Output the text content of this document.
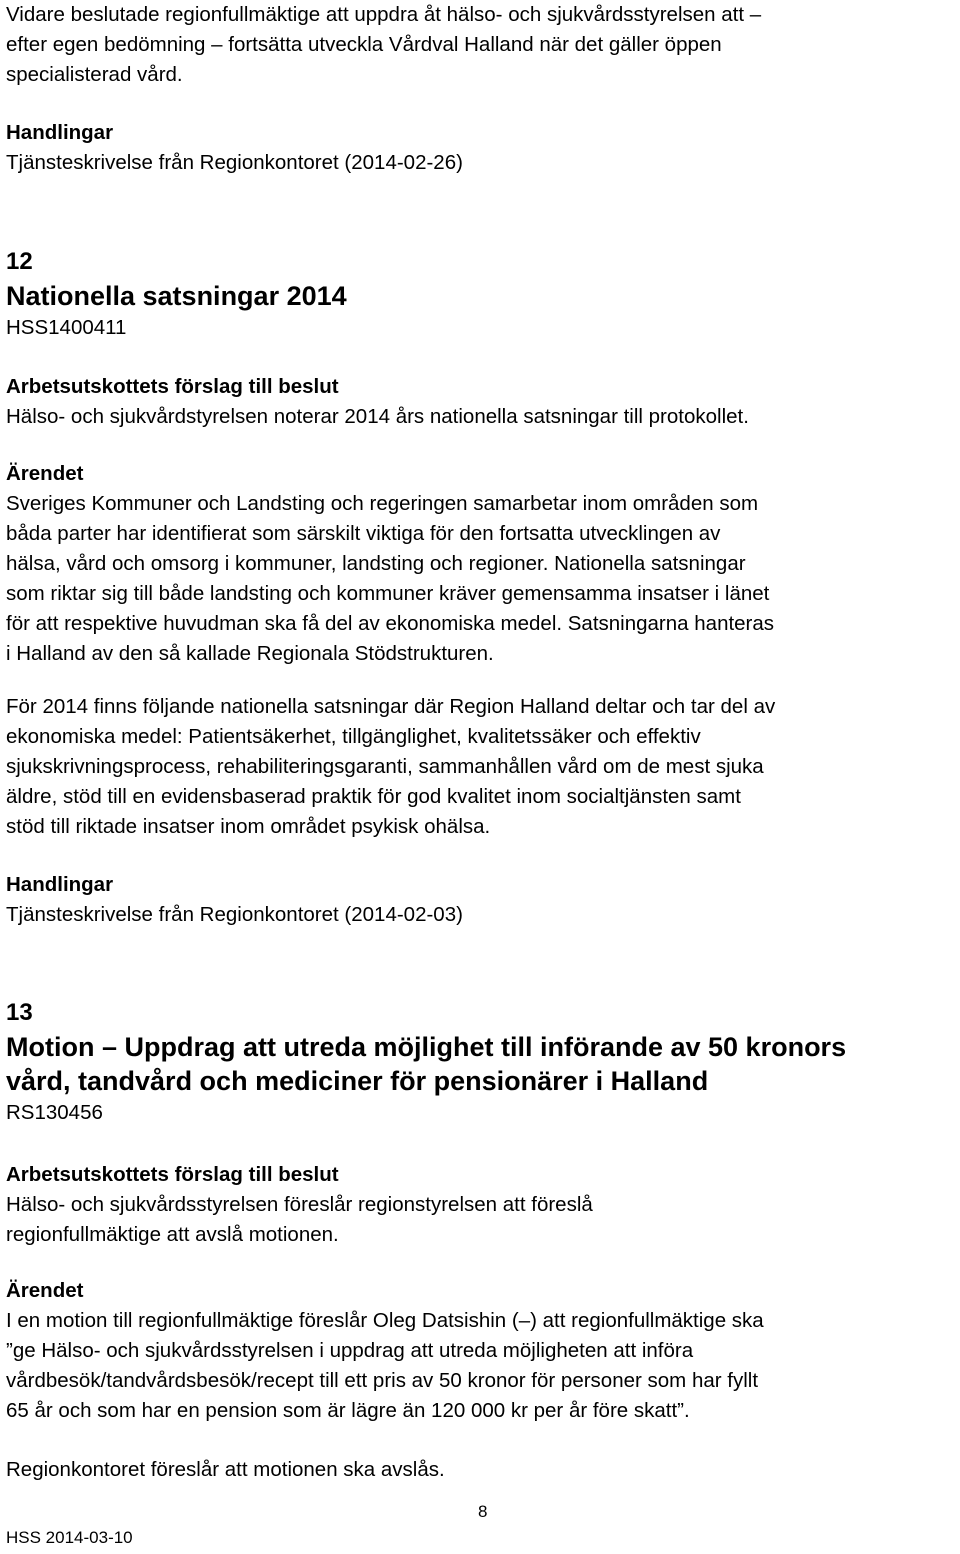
Vidare beslutade regionfullmäktige att uppdra åt hälso- och sjukvårdsstyrelsen att –

efter egen bedömning – fortsätta utveckla Vårdval Halland när det gäller öppen

specialisterad vård.

Handlingar

Tjänsteskrivelse från Regionkontoret (2014-02-26)

12

Nationella satsningar 2014

HSS1400411

Arbetsutskottets förslag till beslut

Hälso- och sjukvårdstyrelsen noterar 2014 års nationella satsningar till protokollet.

Ärendet

Sveriges Kommuner och Landsting och regeringen samarbetar inom områden som

båda parter har identifierat som särskilt viktiga för den fortsatta utvecklingen av

hälsa, vård och omsorg i kommuner, landsting och regioner. Nationella satsningar

som riktar sig till både landsting och kommuner kräver gemensamma insatser i länet

för att respektive huvudman ska få del av ekonomiska medel. Satsningarna hanteras

i Halland av den så kallade Regionala Stödstrukturen.

För 2014 finns följande nationella satsningar där Region Halland deltar och tar del av

ekonomiska medel: Patientsäkerhet, tillgänglighet, kvalitetssäker och effektiv

sjukskrivningsprocess, rehabiliteringsgaranti, sammanhållen vård om de mest sjuka

äldre, stöd till en evidensbaserad praktik för god kvalitet inom socialtjänsten samt

stöd till riktade insatser inom området psykisk ohälsa.

Handlingar

Tjänsteskrivelse från Regionkontoret (2014-02-03)

13

Motion – Uppdrag att utreda möjlighet till införande av 50 kronors

vård, tandvård och mediciner för pensionärer i Halland

RS130456

Arbetsutskottets förslag till beslut

Hälso- och sjukvårdsstyrelsen föreslår regionstyrelsen att föreslå

regionfullmäktige att avslå motionen.

Ärendet

I en motion till regionfullmäktige föreslår Oleg Datsishin (–) att regionfullmäktige ska

”ge Hälso- och sjukvårdsstyrelsen i uppdrag att utreda möjligheten att införa

vårdbesök/tandvårdsbesök/recept till ett pris av 50 kronor för personer som har fyllt

65 år och som har en pension som är lägre än 120 000 kr per år före skatt”.

Regionkontoret föreslår att motionen ska avslås.

8
HSS 2014-03-10
